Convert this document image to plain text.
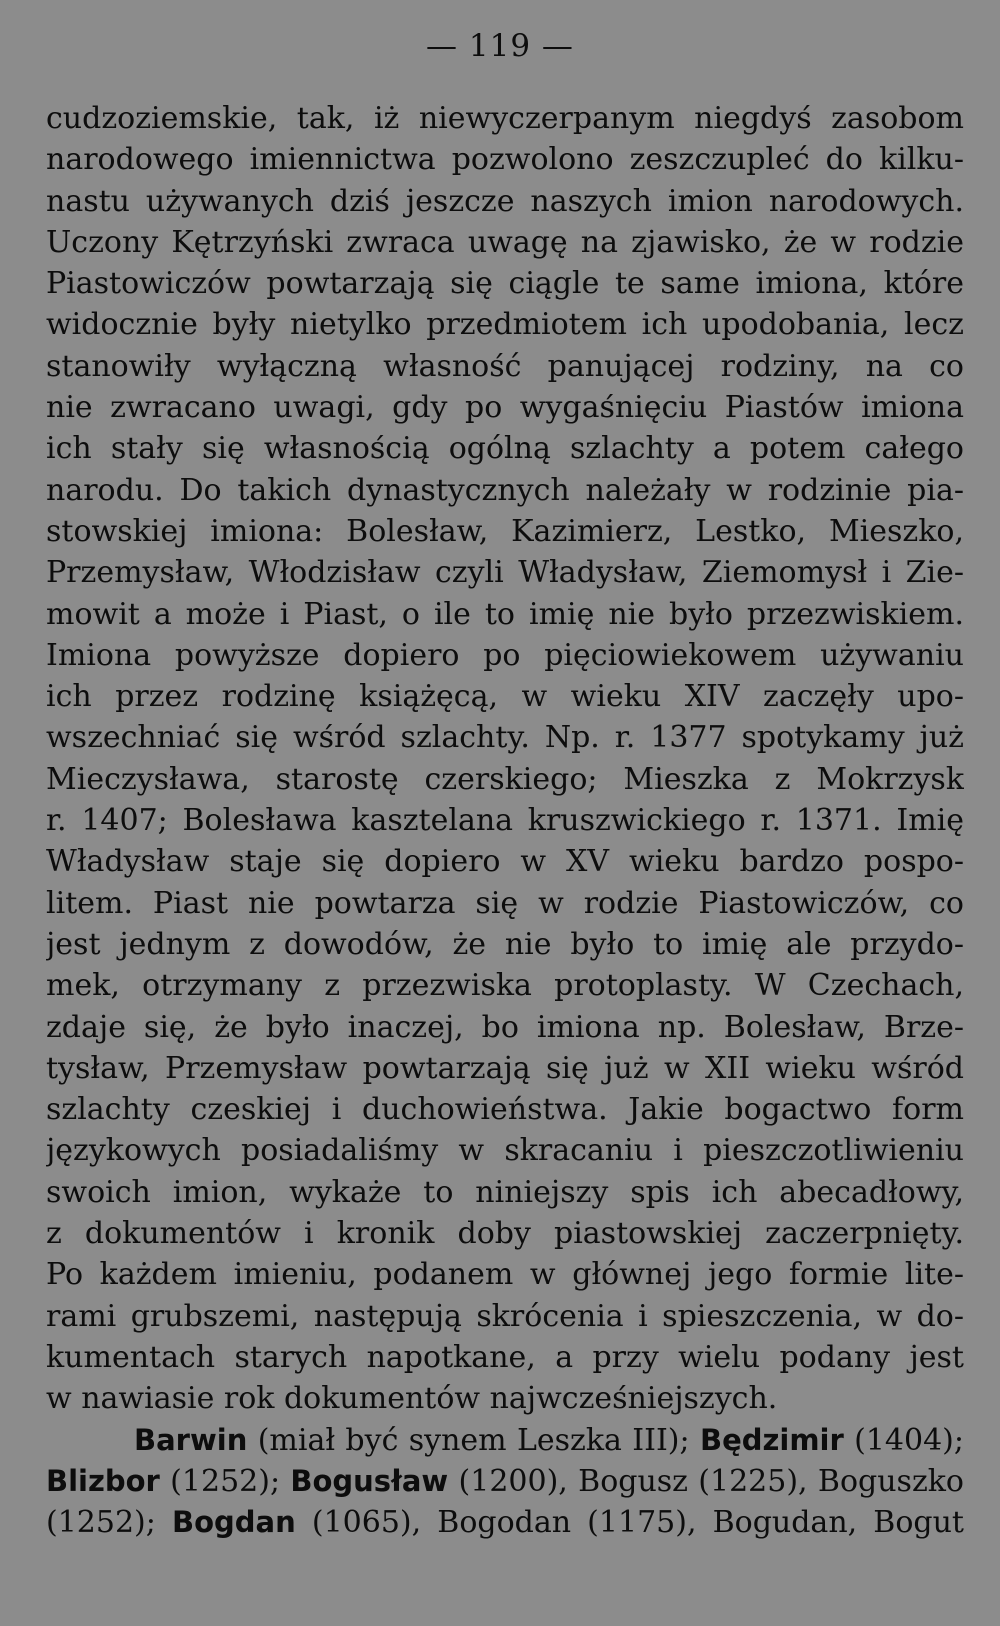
— 119 —
cudzoziemskie, tak, iż niewyczerpanym niegdyś zasobom
narodowego imiennictwa pozwolono zeszczuplеć do kilku-
nastu używanych dziś jeszcze naszych imion narodowych.
Uczony Kętrzyński zwraca uwagę na zjawisko, że w rodzie
Piastowiczów powtarzają się ciągle te same imiona, które
widocznie były nietylko przedmiotem ich upodobania, lecz
stanowiły wyłączną własność panującej rodziny, na co
nie zwracano uwagi, gdy po wygaśnięciu Piastów imiona
ich stały się własnością ogólną szlachty a potem całego
narodu. Do takich dynastycznych należały w rodzinie pia-
stowskiej imiona: Bolesław, Kazimierz, Lestko, Mieszko,
Przemysław, Włodzisław czyli Władysław, Ziemomysł i Zie-
mowit a może i Piast, o ile to imię nie było przezwiskiem.
Imiona powyższe dopiero po pięciowiekowem używaniu
ich przez rodzinę książęcą, w wieku XIV zaczęły upo-
wszechniać się wśród szlachty. Np. r. 1377 spotykamy już
Mieczysława, starostę czerskiego; Mieszka z Mokrzysk
r. 1407; Bolesława kasztelana kruszwickiego r. 1371. Imię
Władysław staje się dopiero w XV wieku bardzo pospo-
litem. Piast nie powtarza się w rodzie Piastowiczów, co
jest jednym z dowodów, że nie było to imię ale przydo-
mek, otrzymany z przezwiska protoplasty. W Czechach,
zdaje się, że było inaczej, bo imiona np. Bolesław, Brze-
tysław, Przemysław powtarzają się już w XII wieku wśród
szlachty czeskiej i duchowieństwa. Jakie bogactwo form
językowych posiadaliśmy w skracaniu i pieszczotliwieniu
swoich imion, wykaże to niniejszy spis ich abecadłowy,
z dokumentów i kronik doby piastowskiej zaczerpnięty.
Po każdem imieniu, podanem w głównej jego formie lite-
rami grubszemi, następują skrócenia i spieszczenia, w do-
kumentach starych napotkane, a przy wielu podany jest
w nawiasie rok dokumentów najwcześniejszych.
Barwin (miał być synem Leszka III); Będzimir (1404);
Blizbor (1252); Bogusław (1200), Bogusz (1225), Boguszko
(1252); Bogdan (1065), Bogodan (1175), Bogudan, Bogut
